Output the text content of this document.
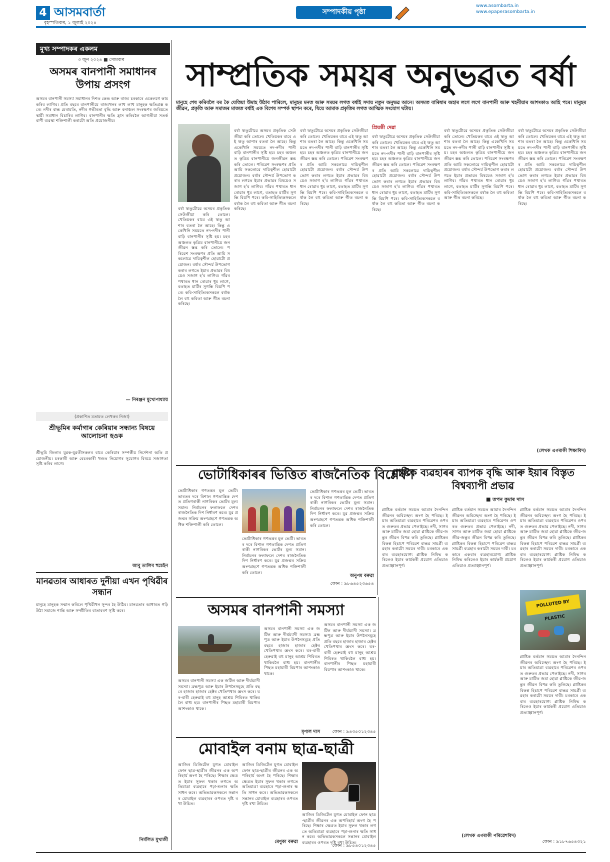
4 আসমবাৰ্তা
বৃহস্পতিবাৰ, ১ জুলাই ২০২৪
সম্পাদকীয় পৃষ্ঠা
www.asombarta.in
www.epaperasombarta.in
মুখ্য সম্পাদকৰ একলম
৩ জুন ২০২৪ ■ সোমবাৰ
অসমৰ বানপানী সমাধানৰ উপায় প্ৰসংগ
অসমৰ বানপানী সমস্যা সমাধানৰ দিশত কেন্দ্ৰ আৰু ৰাজ্য চৰকাৰে একেলগে কাম কৰিব লাগিব। প্ৰতি বছৰে বানপানীয়ে ৰাজ্যখনৰ লাখ লাখ মানুহক ক্ষতিগ্ৰস্ত কৰে। নদীৰ বান্ধ মেৰামতি, নদীৰ গভীৰতা বৃদ্ধি আৰু বনাঞ্চল সংৰক্ষণৰ জৰিয়তে স্থায়ী সমাধান বিচাৰিব লাগিব। বানপানীৰ ক্ষতি হ্ৰাস কৰিবলৈ আগতীয়া সতৰ্কবাণী ব্যৱস্থা শক্তিশালী কৰাটো অতি প্ৰয়োজনীয়।
— নিৰঞ্জন মুখোপাধ্যায়
(প্ৰকাশিত মতামত লেখকৰ নিজা)
শ্ৰীভূমিৰ কৰ্মাগাৰ কেৰিয়াৰ সন্ধান্য বিষয়ে আলোচনা হওক
শ্ৰীভূমি জিলাৰ যুৱক-যুৱতীসকলৰ বাবে কেৰিয়াৰ সম্পৰ্কীয় নিৰ্দেশনা অতি প্ৰয়োজনীয়। চৰকাৰী আৰু বেচৰকাৰী খণ্ডত নিয়োগৰ সুযোগৰ বিষয়ে সজাগতা সৃষ্টি কৰিব লাগে।
আবু তালিব হুচেইন
মানৱতাৰ আধাৰত দুনীয়া এখন পৃথিৱীৰ সন্ধান
মানুহে মানুহক সন্মান কৰিলে পৃথিৱীখন সুন্দৰ হৈ উঠিব। মানৱতাৰ আধাৰত গঢ়ি উঠা সমাজে শান্তি আৰু সম্প্ৰীতিৰ বাতাবৰণ সৃষ্টি কৰে।
নিৰ্মলিত মুখাৰ্জী
সাম্প্ৰতিক সময়ৰ অনুভৱত বৰ্ষা
মানুহে শেষ কৰিবলৈ বৰ কৈ যেতিয়া উমাহ উঠাব পাৰিলে, মানুহৰ মনত আৰু সময়ৰ লগত বৰ্ষাই সদায় নতুন অনুভৱ আনে। অসমত বাৰিষাৰ অহাৰ লগে লগে বানপানী আৰু খহনীয়াৰ আশংকাও আহি পৰে। মানুহৰ জীৱন, প্ৰকৃতি আৰু সমাজৰ মাজত বৰ্ষাই এক বিশেষ সম্পৰ্ক স্থাপন কৰে, যিয়ে আমাক প্ৰকৃতিৰ লগত আত্মিক সংযোগ ঘটায়।
বৰ্ষা ঋতুটোৱে অসমৰ প্ৰকৃতিক সেউজীয়া কৰি তোলে। খেতিয়কৰ বাবে এই ঋতু আশাৰ বতৰা লৈ আহে। কিন্তু একেখিনি সময়তে নদ-নদীৰ পানী বাঢ়ি বানপানীৰ সৃষ্টি হয়। চহৰ অঞ্চলত কৃত্ৰিম বানপানীয়ে জনজীৱন স্তব্ধ কৰি তোলে। পৰিৱেশ সংৰক্ষণৰ প্ৰতি আমি সকলোৱে দায়িত্বশীল হোৱাটো প্ৰয়োজন। বৰ্ষাৰ সৌন্দৰ্য উপভোগ কৰাৰ লগতে ইয়াৰ প্ৰভাৱৰ বিষয়েও সজাগ হ'ব লাগিব। গাঁৱৰ পথাৰত ধান ৰোৱাৰ ধুম লাগে, বতাহত মাটিৰ সুগন্ধি বিয়পি পৰে। কবি-সাহিত্যিকসকলে বৰ্ষাক লৈ বহু কবিতা আৰু গীত ৰচনা কৰিছে।
বৰ্ষা ঋতুটোৱে অসমৰ প্ৰকৃতিক সেউজীয়া কৰি তোলে। খেতিয়কৰ বাবে এই ঋতু আশাৰ বতৰা লৈ আহে। কিন্তু একেখিনি সময়তে নদ-নদীৰ পানী বাঢ়ি বানপানীৰ সৃষ্টি হয়। চহৰ অঞ্চলত কৃত্ৰিম বানপানীয়ে জনজীৱন স্তব্ধ কৰি তোলে। পৰিৱেশ সংৰক্ষণৰ প্ৰতি আমি সকলোৱে দায়িত্বশীল হোৱাটো প্ৰয়োজন। বৰ্ষাৰ সৌন্দৰ্য উপভোগ কৰাৰ লগতে ইয়াৰ প্ৰভাৱৰ বিষয়েও সজাগ হ'ব লাগিব। গাঁৱৰ পথাৰত ধান ৰোৱাৰ ধুম লাগে, বতাহত মাটিৰ সুগন্ধি বিয়পি পৰে। কবি-সাহিত্যিকসকলে বৰ্ষাক লৈ বহু কবিতা আৰু গীত ৰচনা কৰিছে।
বৰ্ষা ঋতুটোৱে অসমৰ প্ৰকৃতিক সেউজীয়া কৰি তোলে। খেতিয়কৰ বাবে এই ঋতু আশাৰ বতৰা লৈ আহে। কিন্তু একেখিনি সময়তে নদ-নদীৰ পানী বাঢ়ি বানপানীৰ সৃষ্টি হয়। চহৰ অঞ্চলত কৃত্ৰিম বানপানীয়ে জনজীৱন স্তব্ধ কৰি তোলে। পৰিৱেশ সংৰক্ষণৰ প্ৰতি আমি সকলোৱে দায়িত্বশীল হোৱাটো প্ৰয়োজন। বৰ্ষাৰ সৌন্দৰ্য উপভোগ কৰাৰ লগতে ইয়াৰ প্ৰভাৱৰ বিষয়েও সজাগ হ'ব লাগিব। গাঁৱৰ পথাৰত ধান ৰোৱাৰ ধুম লাগে, বতাহত মাটিৰ সুগন্ধি বিয়পি পৰে। কবি-সাহিত্যিকসকলে বৰ্ষাক লৈ বহু কবিতা আৰু গীত ৰচনা কৰিছে।
প্ৰিয়ন্তী দেৱা
বৰ্ষা ঋতুটোৱে অসমৰ প্ৰকৃতিক সেউজীয়া কৰি তোলে। খেতিয়কৰ বাবে এই ঋতু আশাৰ বতৰা লৈ আহে। কিন্তু একেখিনি সময়তে নদ-নদীৰ পানী বাঢ়ি বানপানীৰ সৃষ্টি হয়। চহৰ অঞ্চলত কৃত্ৰিম বানপানীয়ে জনজীৱন স্তব্ধ কৰি তোলে। পৰিৱেশ সংৰক্ষণৰ প্ৰতি আমি সকলোৱে দায়িত্বশীল হোৱাটো প্ৰয়োজন। বৰ্ষাৰ সৌন্দৰ্য উপভোগ কৰাৰ লগতে ইয়াৰ প্ৰভাৱৰ বিষয়েও সজাগ হ'ব লাগিব। গাঁৱৰ পথাৰত ধান ৰোৱাৰ ধুম লাগে, বতাহত মাটিৰ সুগন্ধি বিয়পি পৰে। কবি-সাহিত্যিকসকলে বৰ্ষাক লৈ বহু কবিতা আৰু গীত ৰচনা কৰিছে।
বৰ্ষা ঋতুটোৱে অসমৰ প্ৰকৃতিক সেউজীয়া কৰি তোলে। খেতিয়কৰ বাবে এই ঋতু আশাৰ বতৰা লৈ আহে। কিন্তু একেখিনি সময়তে নদ-নদীৰ পানী বাঢ়ি বানপানীৰ সৃষ্টি হয়। চহৰ অঞ্চলত কৃত্ৰিম বানপানীয়ে জনজীৱন স্তব্ধ কৰি তোলে। পৰিৱেশ সংৰক্ষণৰ প্ৰতি আমি সকলোৱে দায়িত্বশীল হোৱাটো প্ৰয়োজন। বৰ্ষাৰ সৌন্দৰ্য উপভোগ কৰাৰ লগতে ইয়াৰ প্ৰভাৱৰ বিষয়েও সজাগ হ'ব লাগিব। গাঁৱৰ পথাৰত ধান ৰোৱাৰ ধুম লাগে, বতাহত মাটিৰ সুগন্ধি বিয়পি পৰে। কবি-সাহিত্যিকসকলে বৰ্ষাক লৈ বহু কবিতা আৰু গীত ৰচনা কৰিছে।
বৰ্ষা ঋতুটোৱে অসমৰ প্ৰকৃতিক সেউজীয়া কৰি তোলে। খেতিয়কৰ বাবে এই ঋতু আশাৰ বতৰা লৈ আহে। কিন্তু একেখিনি সময়তে নদ-নদীৰ পানী বাঢ়ি বানপানীৰ সৃষ্টি হয়। চহৰ অঞ্চলত কৃত্ৰিম বানপানীয়ে জনজীৱন স্তব্ধ কৰি তোলে। পৰিৱেশ সংৰক্ষণৰ প্ৰতি আমি সকলোৱে দায়িত্বশীল হোৱাটো প্ৰয়োজন। বৰ্ষাৰ সৌন্দৰ্য উপভোগ কৰাৰ লগতে ইয়াৰ প্ৰভাৱৰ বিষয়েও সজাগ হ'ব লাগিব। গাঁৱৰ পথাৰত ধান ৰোৱাৰ ধুম লাগে, বতাহত মাটিৰ সুগন্ধি বিয়পি পৰে। কবি-সাহিত্যিকসকলে বৰ্ষাক লৈ বহু কবিতা আৰু গীত ৰচনা কৰিছে।
(লেখক এগৰাকী শিক্ষাবিদ)
ভোটাধিকাৰৰ ভিত্তিত ৰাজনৈতিক বিশ্লেষণ
ভোটাধিকাৰ গণতন্ত্ৰৰ মূল ভেটি। ভাৰতৰ দৰে বিশাল গণতান্ত্ৰিক দেশত প্ৰতিগৰাকী নাগৰিকৰ ভোটৰ মূল্য সমান। নিৰ্বাচনৰ ফলাফলে দেশৰ ৰাজনৈতিক দিশ নিৰ্ধাৰণ কৰে। যুৱ প্ৰজন্মৰ সক্ৰিয় অংশগ্ৰহণে গণতন্ত্ৰক অধিক শক্তিশালী কৰি তোলে।
ভোটাধিকাৰ গণতন্ত্ৰৰ মূল ভেটি। ভাৰতৰ দৰে বিশাল গণতান্ত্ৰিক দেশত প্ৰতিগৰাকী নাগৰিকৰ ভোটৰ মূল্য সমান। নিৰ্বাচনৰ ফলাফলে দেশৰ ৰাজনৈতিক দিশ নিৰ্ধাৰণ কৰে। যুৱ প্ৰজন্মৰ সক্ৰিয় অংশগ্ৰহণে গণতন্ত্ৰক অধিক শক্তিশালী কৰি তোলে।
ভোটাধিকাৰ গণতন্ত্ৰৰ মূল ভেটি। ভাৰতৰ দৰে বিশাল গণতান্ত্ৰিক দেশত প্ৰতিগৰাকী নাগৰিকৰ ভোটৰ মূল্য সমান। নিৰ্বাচনৰ ফলাফলে দেশৰ ৰাজনৈতিক দিশ নিৰ্ধাৰণ কৰে। যুৱ প্ৰজন্মৰ সক্ৰিয় অংশগ্ৰহণে গণতন্ত্ৰক অধিক শক্তিশালী কৰি তোলে।
অনুপম বৰুৱা
ফোন : ৯৮৬৪৫২৩৬৫৪
প্লাষ্টিক ব্যৱহাৰৰ ব্যাপক বৃদ্ধি আৰু ইয়াৰ বিস্তৃত বিশ্বব্যাপী প্ৰভাৱ
■ তপন কুমাৰ দাস
প্লাষ্টিক বৰ্তমান সময়ত আমাৰ দৈনন্দিন জীৱনৰ অবিচ্ছেদ্য অংগ হৈ পৰিছে। ইয়াৰ অতিমাত্ৰা ব্যৱহাৰে পৰিৱেশৰ ওপৰত গুৰুতৰ প্ৰভাৱ পেলাইছে। নদী, সাগৰ আৰু মাটিত জমা হোৱা প্লাষ্টিকে জীৱ-জন্তুৰ জীৱন বিপন্ন কৰি তুলিছে। প্লাষ্টিকৰ বিকল্প হিচাপে পৰিৱেশ বান্ধৱ সামগ্ৰী ব্যৱহাৰ কৰাটো সময়ৰ দাবী। চৰকাৰে একবাৰ ব্যৱহাৰযোগ্য প্লাষ্টিক নিষিদ্ধ কৰিলেও ইয়াৰ কাৰ্যকৰী প্ৰয়োগ এতিয়াও প্ৰত্যাহ্বানপূৰ্ণ।
প্লাষ্টিক বৰ্তমান সময়ত আমাৰ দৈনন্দিন জীৱনৰ অবিচ্ছেদ্য অংগ হৈ পৰিছে। ইয়াৰ অতিমাত্ৰা ব্যৱহাৰে পৰিৱেশৰ ওপৰত গুৰুতৰ প্ৰভাৱ পেলাইছে। নদী, সাগৰ আৰু মাটিত জমা হোৱা প্লাষ্টিকে জীৱ-জন্তুৰ জীৱন বিপন্ন কৰি তুলিছে। প্লাষ্টিকৰ বিকল্প হিচাপে পৰিৱেশ বান্ধৱ সামগ্ৰী ব্যৱহাৰ কৰাটো সময়ৰ দাবী। চৰকাৰে একবাৰ ব্যৱহাৰযোগ্য প্লাষ্টিক নিষিদ্ধ কৰিলেও ইয়াৰ কাৰ্যকৰী প্ৰয়োগ এতিয়াও প্ৰত্যাহ্বানপূৰ্ণ।
POLLUTED BY PLASTIC
প্লাষ্টিক বৰ্তমান সময়ত আমাৰ দৈনন্দিন জীৱনৰ অবিচ্ছেদ্য অংগ হৈ পৰিছে। ইয়াৰ অতিমাত্ৰা ব্যৱহাৰে পৰিৱেশৰ ওপৰত গুৰুতৰ প্ৰভাৱ পেলাইছে। নদী, সাগৰ আৰু মাটিত জমা হোৱা প্লাষ্টিকে জীৱ-জন্তুৰ জীৱন বিপন্ন কৰি তুলিছে। প্লাষ্টিকৰ বিকল্প হিচাপে পৰিৱেশ বান্ধৱ সামগ্ৰী ব্যৱহাৰ কৰাটো সময়ৰ দাবী। চৰকাৰে একবাৰ ব্যৱহাৰযোগ্য প্লাষ্টিক নিষিদ্ধ কৰিলেও ইয়াৰ কাৰ্যকৰী প্ৰয়োগ এতিয়াও প্ৰত্যাহ্বানপূৰ্ণ।
প্লাষ্টিক বৰ্তমান সময়ত আমাৰ দৈনন্দিন জীৱনৰ অবিচ্ছেদ্য অংগ হৈ পৰিছে। ইয়াৰ অতিমাত্ৰা ব্যৱহাৰে পৰিৱেশৰ ওপৰত গুৰুতৰ প্ৰভাৱ পেলাইছে। নদী, সাগৰ আৰু মাটিত জমা হোৱা প্লাষ্টিকে জীৱ-জন্তুৰ জীৱন বিপন্ন কৰি তুলিছে। প্লাষ্টিকৰ বিকল্প হিচাপে পৰিৱেশ বান্ধৱ সামগ্ৰী ব্যৱহাৰ কৰাটো সময়ৰ দাবী। চৰকাৰে একবাৰ ব্যৱহাৰযোগ্য প্লাষ্টিক নিষিদ্ধ কৰিলেও ইয়াৰ কাৰ্যকৰী প্ৰয়োগ এতিয়াও প্ৰত্যাহ্বানপূৰ্ণ।
(লেখক এগৰাকী পৰিৱেশবিদ)
ফোন : ৯১৮৭৬৫৪৩২১
অসমৰ বানপানী সমস্যা
অসমৰ বানপানী সমস্যা এক জটিল আৰু দীৰ্ঘম্যাদী সমস্যা। ব্ৰহ্মপুত্ৰ আৰু ইয়াৰ উপনৈসমূহে প্ৰতি বছৰে হাজাৰ হাজাৰ হেক্টৰ খেতিপথাৰ ধ্বংস কৰে। ঘৰ-বাৰী হেৰুৱাই বহু মানুহ আশ্ৰয় শিবিৰত থাকিবলৈ বাধ্য হয়। বানপানীৰ পিছত মহামাৰী বিয়পাৰ আশংকাও থাকে।
অসমৰ বানপানী সমস্যা এক জটিল আৰু দীৰ্ঘম্যাদী সমস্যা। ব্ৰহ্মপুত্ৰ আৰু ইয়াৰ উপনৈসমূহে প্ৰতি বছৰে হাজাৰ হাজাৰ হেক্টৰ খেতিপথাৰ ধ্বংস কৰে। ঘৰ-বাৰী হেৰুৱাই বহু মানুহ আশ্ৰয় শিবিৰত থাকিবলৈ বাধ্য হয়। বানপানীৰ পিছত মহামাৰী বিয়পাৰ আশংকাও থাকে।
অসমৰ বানপানী সমস্যা এক জটিল আৰু দীৰ্ঘম্যাদী সমস্যা। ব্ৰহ্মপুত্ৰ আৰু ইয়াৰ উপনৈসমূহে প্ৰতি বছৰে হাজাৰ হাজাৰ হেক্টৰ খেতিপথাৰ ধ্বংস কৰে। ঘৰ-বাৰী হেৰুৱাই বহু মানুহ আশ্ৰয় শিবিৰত থাকিবলৈ বাধ্য হয়। বানপানীৰ পিছত মহামাৰী বিয়পাৰ আশংকাও থাকে।
মৃণাল দাস	ফোন : ৯৪৩৫০১২৩৪৫
মোবাইল বনাম ছাত্ৰ-ছাত্ৰী
আজিৰ ডিজিটেল যুগত মোবাইল ফোন ছাত্ৰ-ছাত্ৰীৰ জীৱনৰ এক অপৰিহাৰ্য অংগ হৈ পৰিছে। শিক্ষাৰ ক্ষেত্ৰত ইয়াৰ সুফল থকাৰ লগতে অতিমাত্ৰা ব্যৱহাৰে পঢ়া-শুনাৰ ক্ষতি সাধন কৰে। অভিভাৱকসকলে সন্তানৰ মোবাইল ব্যৱহাৰৰ ওপৰত দৃষ্টি ৰখা উচিত।
আজিৰ ডিজিটেল যুগত মোবাইল ফোন ছাত্ৰ-ছাত্ৰীৰ জীৱনৰ এক অপৰিহাৰ্য অংগ হৈ পৰিছে। শিক্ষাৰ ক্ষেত্ৰত ইয়াৰ সুফল থকাৰ লগতে অতিমাত্ৰা ব্যৱহাৰে পঢ়া-শুনাৰ ক্ষতি সাধন কৰে। অভিভাৱকসকলে সন্তানৰ মোবাইল ব্যৱহাৰৰ ওপৰত দৃষ্টি ৰখা উচিত।
ৰেণুকা বৰুৱা
আজিৰ ডিজিটেল যুগত মোবাইল ফোন ছাত্ৰ-ছাত্ৰীৰ জীৱনৰ এক অপৰিহাৰ্য অংগ হৈ পৰিছে। শিক্ষাৰ ক্ষেত্ৰত ইয়াৰ সুফল থকাৰ লগতে অতিমাত্ৰা ব্যৱহাৰে পঢ়া-শুনাৰ ক্ষতি সাধন কৰে। অভিভাৱকসকলে সন্তানৰ মোবাইল ব্যৱহাৰৰ ওপৰত দৃষ্টি ৰখা উচিত।
ফোন : ৯৮৫৪০১২৩৪৫
